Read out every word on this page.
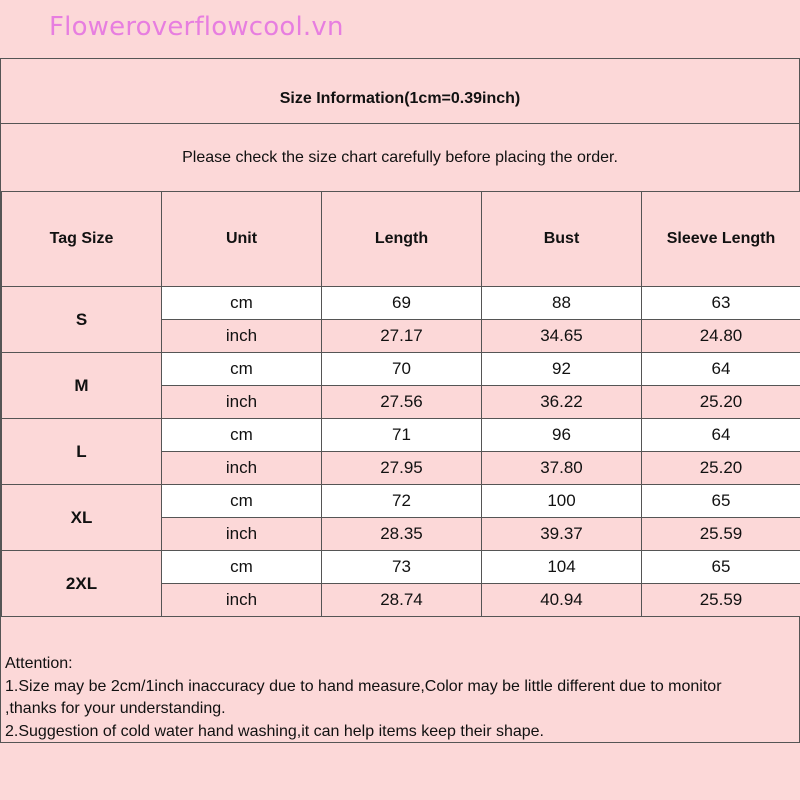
Floweroverflowcool.vn
Size Information(1cm=0.39inch)
Please check the size chart carefully before placing the order.
Tag Size	Unit	Length	Bust	Sleeve Length
S	cm	69	88	63
	inch	27.17	34.65	24.80
M	cm	70	92	64
	inch	27.56	36.22	25.20
L	cm	71	96	64
	inch	27.95	37.80	25.20
XL	cm	72	100	65
	inch	28.35	39.37	25.59
2XL	cm	73	104	65
	inch	28.74	40.94	25.59
Attention:
1.Size may be 2cm/1inch inaccuracy due to hand measure,Color may be little different due to monitor
,thanks for your understanding.
2.Suggestion of cold water hand washing,it can help items keep their shape.
